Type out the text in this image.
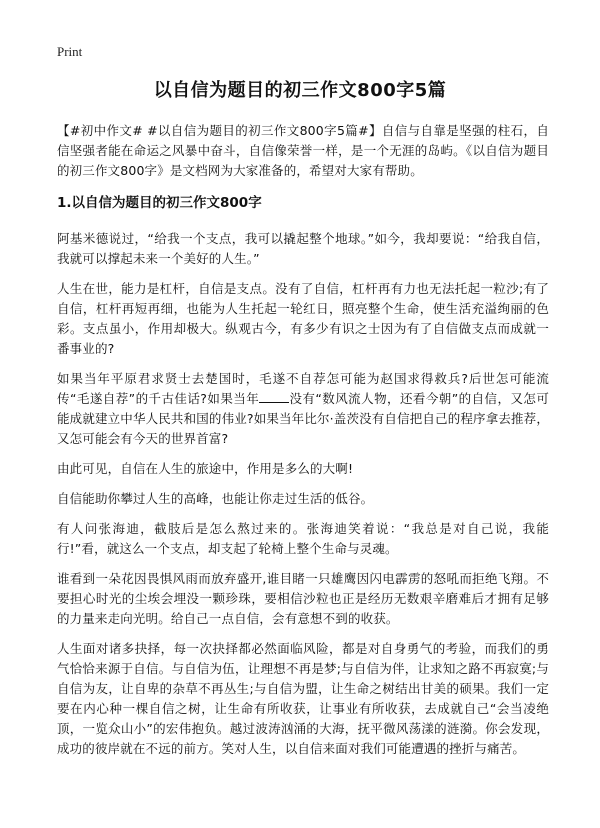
Print
以自信为题目的初三作文800字5篇

【#初中作文# #以自信为题目的初三作文800字5篇#】自信与自靠是坚强的柱石，自信坚强者能在命运之风暴中奋斗，自信像荣誉一样，是一个无涯的岛屿。《以自信为题目的初三作文800字》是文档网为大家准备的，希望对大家有帮助。

1.以自信为题目的初三作文800字

阿基米德说过，“给我一个支点，我可以撬起整个地球。”如今，我却要说：“给我自信，我就可以撑起未来一个美好的人生。”

人生在世，能力是杠杆，自信是支点。没有了自信，杠杆再有力也无法托起一粒沙;有了自信，杠杆再短再细，也能为人生托起一轮红日，照亮整个生命，使生活充溢绚丽的色彩。支点虽小，作用却极大。纵观古今，有多少有识之士因为有了自信做支点而成就一番事业的?

如果当年平原君求贤士去楚国时，毛遂不自荐怎可能为赵国求得救兵?后世怎可能流传“毛遂自荐”的千古佳话?如果当年 没有“数风流人物，还看今朝”的自信，又怎可能成就建立中华人民共和国的伟业?如果当年比尔·盖茨没有自信把自己的程序拿去推荐，又怎可能会有今天的世界首富?

由此可见，自信在人生的旅途中，作用是多么的大啊!

自信能助你攀过人生的高峰，也能让你走过生活的低谷。

有人问张海迪，截肢后是怎么熬过来的。张海迪笑着说：“我总是对自己说，我能行!”看，就这么一个支点，却支起了轮椅上整个生命与灵魂。

谁看到一朵花因畏惧风雨而放弃盛开,谁目睹一只雄鹰因闪电霹雳的怒吼而拒绝飞翔。不要担心时光的尘埃会埋没一颗珍珠，要相信沙粒也正是经历无数艰辛磨难后才拥有足够的力量来走向光明。给自己一点自信，会有意想不到的收获。

人生面对诸多抉择，每一次抉择都必然面临风险，都是对自身勇气的考验，而我们的勇气恰恰来源于自信。与自信为伍，让理想不再是梦;与自信为伴，让求知之路不再寂寞;与自信为友，让自卑的杂草不再丛生;与自信为盟，让生命之树结出甘美的硕果。我们一定要在内心种一棵自信之树，让生命有所收获，让事业有所收获，去成就自己“会当凌绝顶，一览众山小”的宏伟抱负。越过波涛汹涌的大海，抚平微风荡漾的涟漪。你会发现，成功的彼岸就在不远的前方。笑对人生，以自信来面对我们可能遭遇的挫折与痛苦。
